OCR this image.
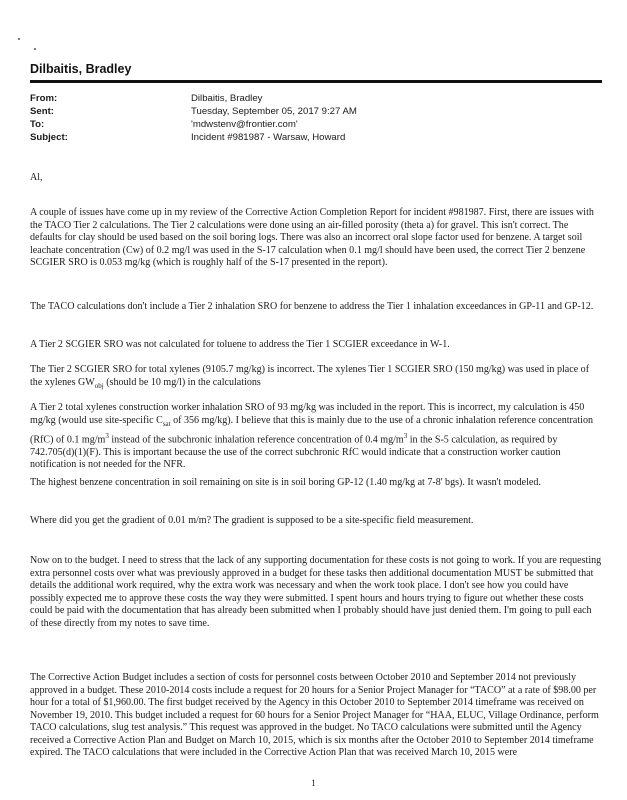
Dilbaitis, Bradley
From:	Dilbaitis, Bradley
Sent:	Tuesday, September 05, 2017 9:27 AM
To:	'mdwstenv@frontier.com'
Subject:	Incident #981987 - Warsaw, Howard
Al,

A couple of issues have come up in my review of the Corrective Action Completion Report for incident #981987. First, there are issues with the TACO Tier 2 calculations. The Tier 2 calculations were done using an air-filled porosity (theta a) for gravel. This isn't correct. The defaults for clay should be used based on the soil boring logs. There was also an incorrect oral slope factor used for benzene. A target soil leachate concentration (Cw) of 0.2 mg/l was used in the S-17 calculation when 0.1 mg/l should have been used, the correct Tier 2 benzene SCGIER SRO is 0.053 mg/kg (which is roughly half of the S-17 presented in the report).

The TACO calculations don't include a Tier 2 inhalation SRO for benzene to address the Tier 1 inhalation exceedances in GP-11 and GP-12.

A Tier 2 SCGIER SRO was not calculated for toluene to address the Tier 1 SCGIER exceedance in W-1.

The Tier 2 SCGIER SRO for total xylenes (9105.7 mg/kg) is incorrect. The xylenes Tier 1 SCGIER SRO (150 mg/kg) was used in place of the xylenes $GW_{obj}$ (should be 10 mg/l) in the calculations

A Tier 2 total xylenes construction worker inhalation SRO of 93 mg/kg was included in the report. This is incorrect, my calculation is 450 mg/kg (would use site-specific $C_{sat}$ of 356 mg/kg). I believe that this is mainly due to the use of a chronic inhalation reference concentration (RfC) of 0.1 $mg/m^3$ instead of the subchronic inhalation reference concentration of 0.4 $mg/m^3$ in the S-5 calculation, as required by 742.705(d)(1)(F). This is important because the use of the correct subchronic RfC would indicate that a construction worker caution notification is not needed for the NFR.

The highest benzene concentration in soil remaining on site is in soil boring GP-12 (1.40 mg/kg at 7-8' bgs). It wasn't modeled.

Where did you get the gradient of 0.01 m/m? The gradient is supposed to be a site-specific field measurement.

Now on to the budget. I need to stress that the lack of any supporting documentation for these costs is not going to work. If you are requesting extra personnel costs over what was previously approved in a budget for these tasks then additional documentation MUST be submitted that details the additional work required, why the extra work was necessary and when the work took place. I don't see how you could have possibly expected me to approve these costs the way they were submitted. I spent hours and hours trying to figure out whether these costs could be paid with the documentation that has already been submitted when I probably should have just denied them. I'm going to pull each of these directly from my notes to save time.

The Corrective Action Budget includes a section of costs for personnel costs between October 2010 and September 2014 not previously approved in a budget. These 2010-2014 costs include a request for 20 hours for a Senior Project Manager for “TACO” at a rate of $98.00 per hour for a total of $1,960.00. The first budget received by the Agency in this October 2010 to September 2014 timeframe was received on November 19, 2010. This budget included a request for 60 hours for a Senior Project Manager for “HAA, ELUC, Village Ordinance, perform TACO calculations, slug test analysis.” This request was approved in the budget. No TACO calculations were submitted until the Agency received a Corrective Action Plan and Budget on March 10, 2015, which is six months after the October 2010 to September 2014 timeframe expired. The TACO calculations that were included in the Corrective Action Plan that was received March 10, 2015 were

1
